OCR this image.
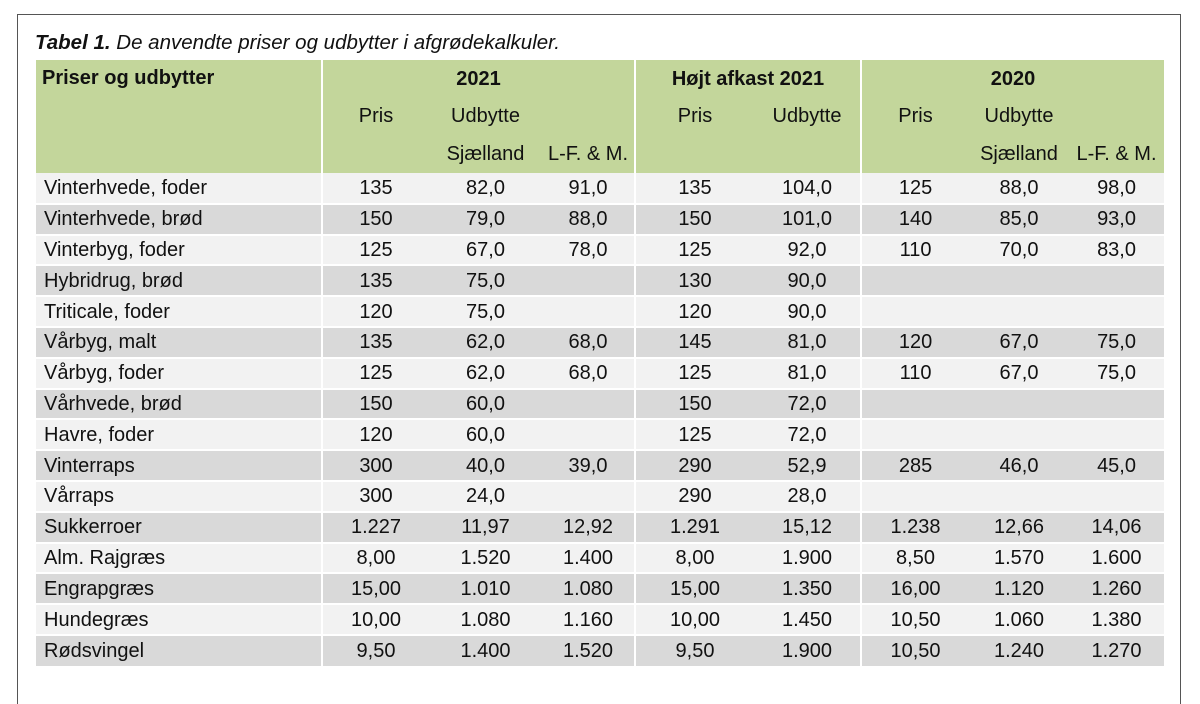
Tabel 1. De anvendte priser og udbytter i afgrødekalkuler.
Priser og udbytter	2021			Højt afkast 2021		2020		
	Pris	Udbytte		Pris	Udbytte	Pris	Udbytte	
		Sjælland	L-F. & M.				Sjælland	L-F. & M.
Vinterhvede, foder	135	82,0	91,0	135	104,0	125	88,0	98,0
Vinterhvede, brød	150	79,0	88,0	150	101,0	140	85,0	93,0
Vinterbyg, foder	125	67,0	78,0	125	92,0	110	70,0	83,0
Hybridrug, brød	135	75,0		130	90,0			
Triticale, foder	120	75,0		120	90,0			
Vårbyg, malt	135	62,0	68,0	145	81,0	120	67,0	75,0
Vårbyg, foder	125	62,0	68,0	125	81,0	110	67,0	75,0
Vårhvede, brød	150	60,0		150	72,0			
Havre, foder	120	60,0		125	72,0			
Vinterraps	300	40,0	39,0	290	52,9	285	46,0	45,0
Vårraps	300	24,0		290	28,0			
Sukkerroer	1.227	11,97	12,92	1.291	15,12	1.238	12,66	14,06
Alm. Rajgræs	8,00	1.520	1.400	8,00	1.900	8,50	1.570	1.600
Engrapgræs	15,00	1.010	1.080	15,00	1.350	16,00	1.120	1.260
Hundegræs	10,00	1.080	1.160	10,00	1.450	10,50	1.060	1.380
Rødsvingel	9,50	1.400	1.520	9,50	1.900	10,50	1.240	1.270
